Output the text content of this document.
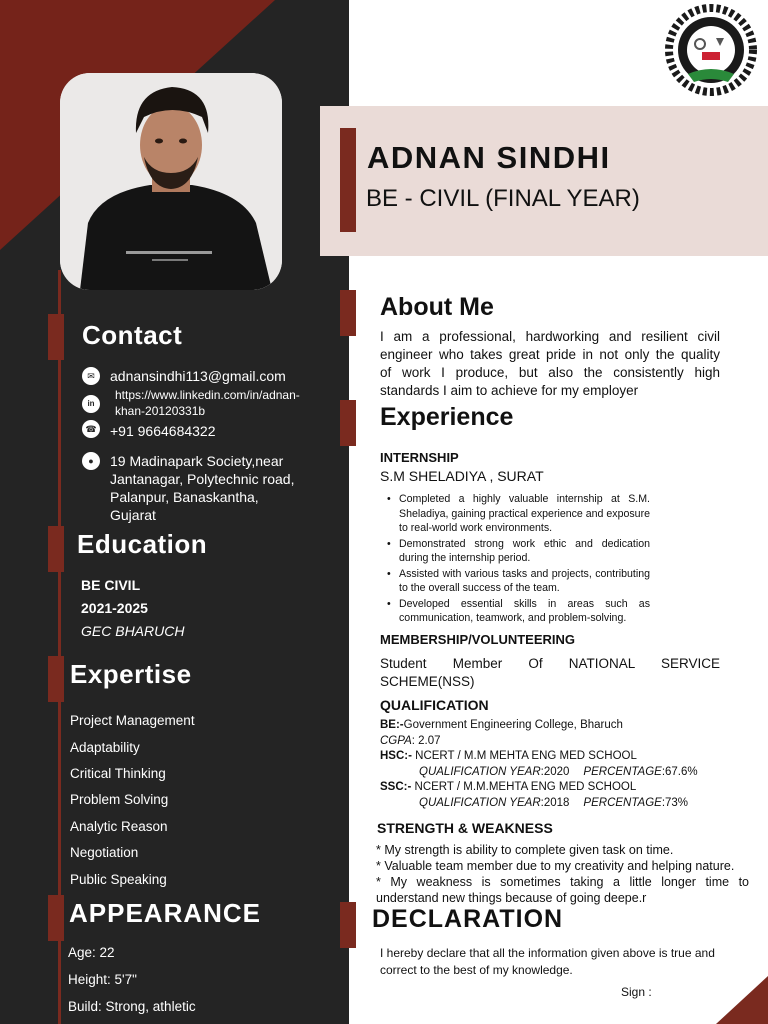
Contact
✉	adnansindhi113@gmail.com
in
https://www.linkedin.com/in/adnan-
khan-20120331b
☎ +91 9664684322
●	19 Madinapark Society,near
Jantanagar, Polytechnic road,
Palanpur, Banaskantha,
Gujarat
Education
BE CIVIL
2021-2025
GEC BHARUCH
Expertise
Project Management
Adaptability
Critical Thinking
Problem Solving
Analytic Reason
Negotiation
Public Speaking
APPEARANCE
Age: 22
Height: 5'7"
Build: Strong, athletic
ADNAN SINDHI
BE - CIVIL (FINAL YEAR)
About Me
I am a professional, hardworking and resilient civil
engineer who takes great pride in not only the quality
of work I produce, but also the consistently high
standards I aim to achieve for my employer
Experience
INTERNSHIP
S.M SHELADIYA , SURAT
• Completed a highly valuable internship at S.M. Sheladiya, gaining practical experience and exposure to real-world work environments.
• Demonstrated strong work ethic and dedication during the internship period.
• Assisted with various tasks and projects, contributing to the overall success of the team.
• Developed essential skills in areas such as communication, teamwork, and problem-solving.
MEMBERSHIP/VOLUNTEERING
Student Member Of NATIONAL SERVICE
SCHEME(NSS)
QUALIFICATION
BE:-Government Engineering College, Bharuch
CGPA: 2.07
HSC:- NCERT / M.M MEHTA ENG MED SCHOOL
QUALIFICATION YEAR:2020 PERCENTAGE:67.6%
SSC:- NCERT / M.M.MEHTA ENG MED SCHOOL
QUALIFICATION YEAR:2018 PERCENTAGE:73%
STRENGTH & WEAKNESS
* My strength is ability to complete given task on time.
* Valuable team member due to my creativity and helping nature.
* My weakness is sometimes taking a little longer time to
understand new things because of going deepe.r
DECLARATION
I hereby declare that all the information given above is true and
correct to the best of my knowledge.
Sign :
